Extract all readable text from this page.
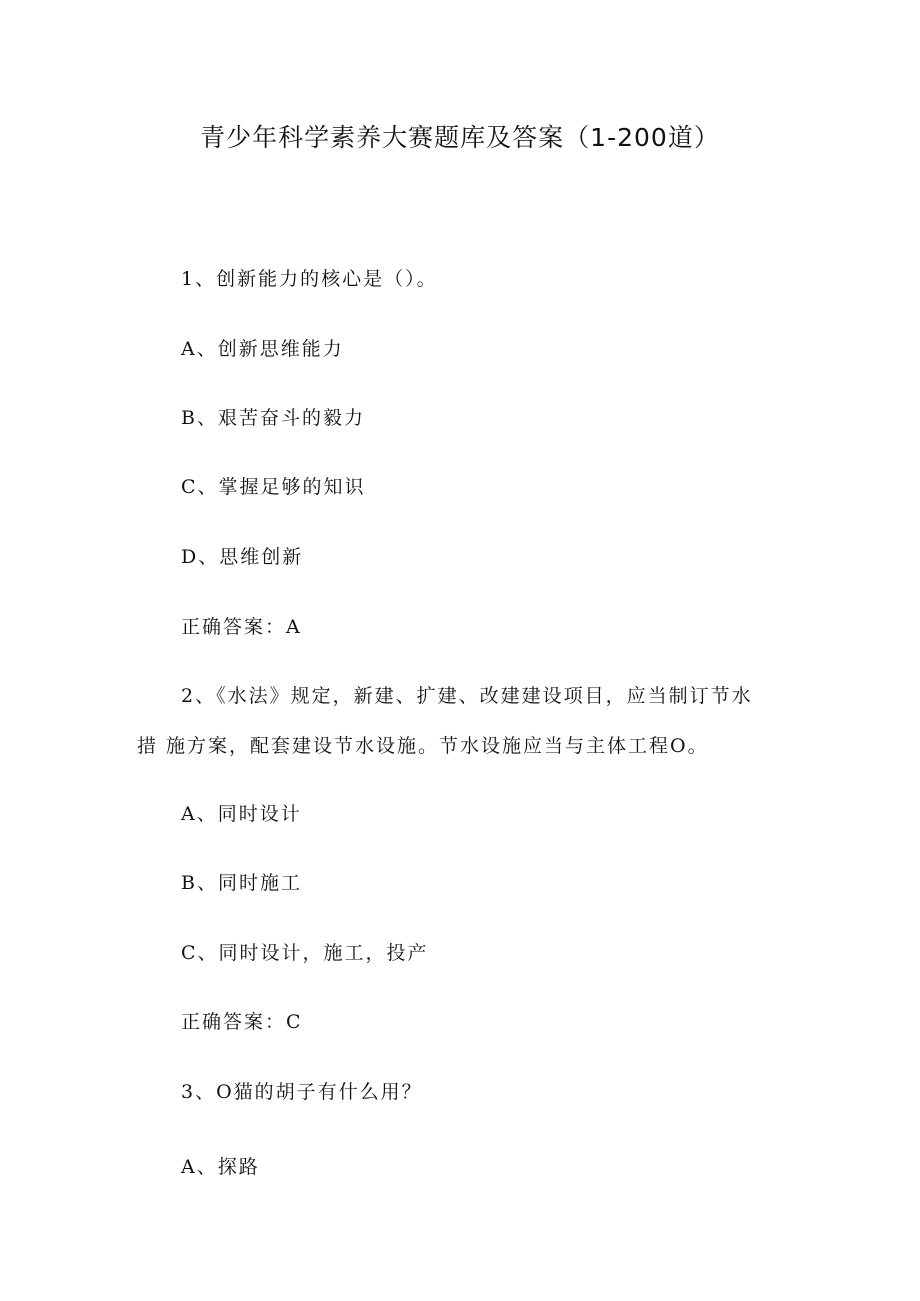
青少年科学素养大赛题库及答案（1-200道）

1、创新能力的核心是（）。

A、创新思维能力

B、艰苦奋斗的毅力

C、掌握足够的知识

D、思维创新

正确答案：A

2、《水法》规定，新建、扩建、改建建设项目，应当制订节水

措 施方案，配套建设节水设施。节水设施应当与主体工程O。

A、同时设计

B、同时施工

C、同时设计，施工，投产

正确答案：C

3、O猫的胡子有什么用？

A、探路
